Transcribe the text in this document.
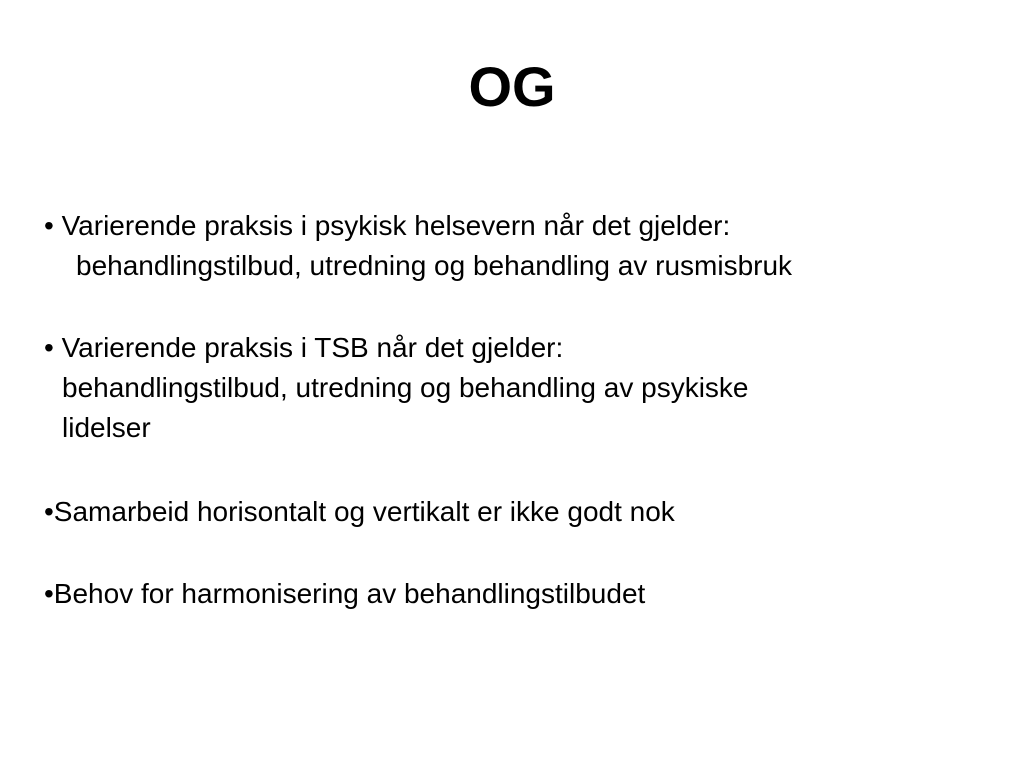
OG
• Varierende praksis i psykisk helsevern når det gjelder:
behandlingstilbud, utredning og behandling av rusmisbruk
• Varierende praksis i TSB når det gjelder:
behandlingstilbud, utredning og behandling av psykiske
lidelser
•Samarbeid horisontalt og vertikalt er ikke godt nok
•Behov for harmonisering av behandlingstilbudet
